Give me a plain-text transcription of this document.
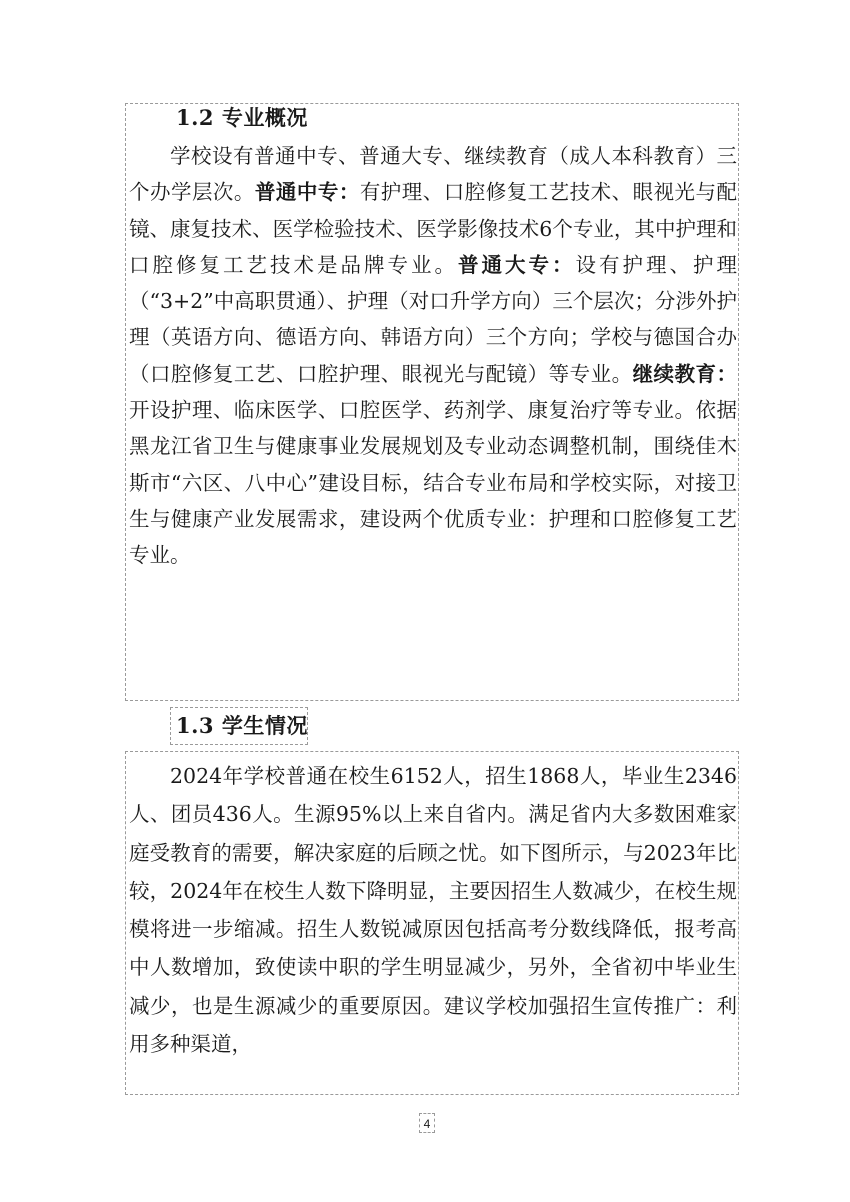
1.2 专业概况

学校设有普通中专、普通大专、继续教育（成人本科教育）三个办学层次。普通中专：有护理、口腔修复工艺技术、眼视光与配镜、康复技术、医学检验技术、医学影像技术6个专业，其中护理和口腔修复工艺技术是品牌专业。普通大专：设有护理、护理（“3+2”中高职贯通）、护理（对口升学方向）三个层次；分涉外护理（英语方向、德语方向、韩语方向）三个方向；学校与德国合办（口腔修复工艺、口腔护理、眼视光与配镜）等专业。继续教育：开设护理、临床医学、口腔医学、药剂学、康复治疗等专业。依据黑龙江省卫生与健康事业发展规划及专业动态调整机制，围绕佳木斯市“六区、八中心”建设目标，结合专业布局和学校实际，对接卫生与健康产业发展需求，建设两个优质专业：护理和口腔修复工艺专业。

1.3 学生情况

2024年学校普通在校生6152人，招生1868人，毕业生2346人、团员436人。生源95%以上来自省内。满足省内大多数困难家庭受教育的需要，解决家庭的后顾之忧。如下图所示，与2023年比较，2024年在校生人数下降明显，主要因招生人数减少，在校生规模将进一步缩减。招生人数锐减原因包括高考分数线降低，报考高中人数增加，致使读中职的学生明显减少，另外，全省初中毕业生减少，也是生源减少的重要原因。建议学校加强招生宣传推广：利用多种渠道，

4
